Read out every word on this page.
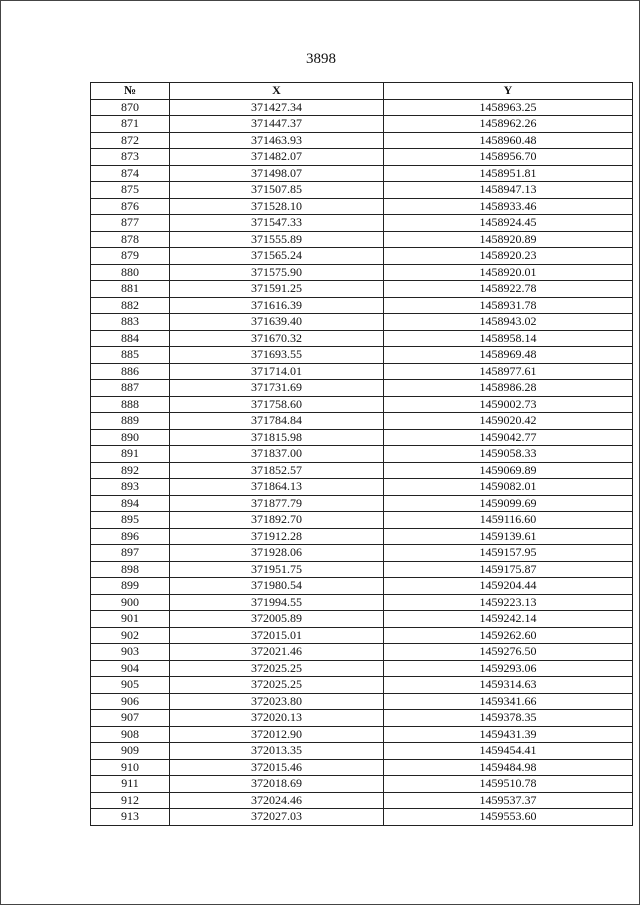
3898
№	X	Y
870	371427.34	1458963.25
871	371447.37	1458962.26
872	371463.93	1458960.48
873	371482.07	1458956.70
874	371498.07	1458951.81
875	371507.85	1458947.13
876	371528.10	1458933.46
877	371547.33	1458924.45
878	371555.89	1458920.89
879	371565.24	1458920.23
880	371575.90	1458920.01
881	371591.25	1458922.78
882	371616.39	1458931.78
883	371639.40	1458943.02
884	371670.32	1458958.14
885	371693.55	1458969.48
886	371714.01	1458977.61
887	371731.69	1458986.28
888	371758.60	1459002.73
889	371784.84	1459020.42
890	371815.98	1459042.77
891	371837.00	1459058.33
892	371852.57	1459069.89
893	371864.13	1459082.01
894	371877.79	1459099.69
895	371892.70	1459116.60
896	371912.28	1459139.61
897	371928.06	1459157.95
898	371951.75	1459175.87
899	371980.54	1459204.44
900	371994.55	1459223.13
901	372005.89	1459242.14
902	372015.01	1459262.60
903	372021.46	1459276.50
904	372025.25	1459293.06
905	372025.25	1459314.63
906	372023.80	1459341.66
907	372020.13	1459378.35
908	372012.90	1459431.39
909	372013.35	1459454.41
910	372015.46	1459484.98
911	372018.69	1459510.78
912	372024.46	1459537.37
913	372027.03	1459553.60
